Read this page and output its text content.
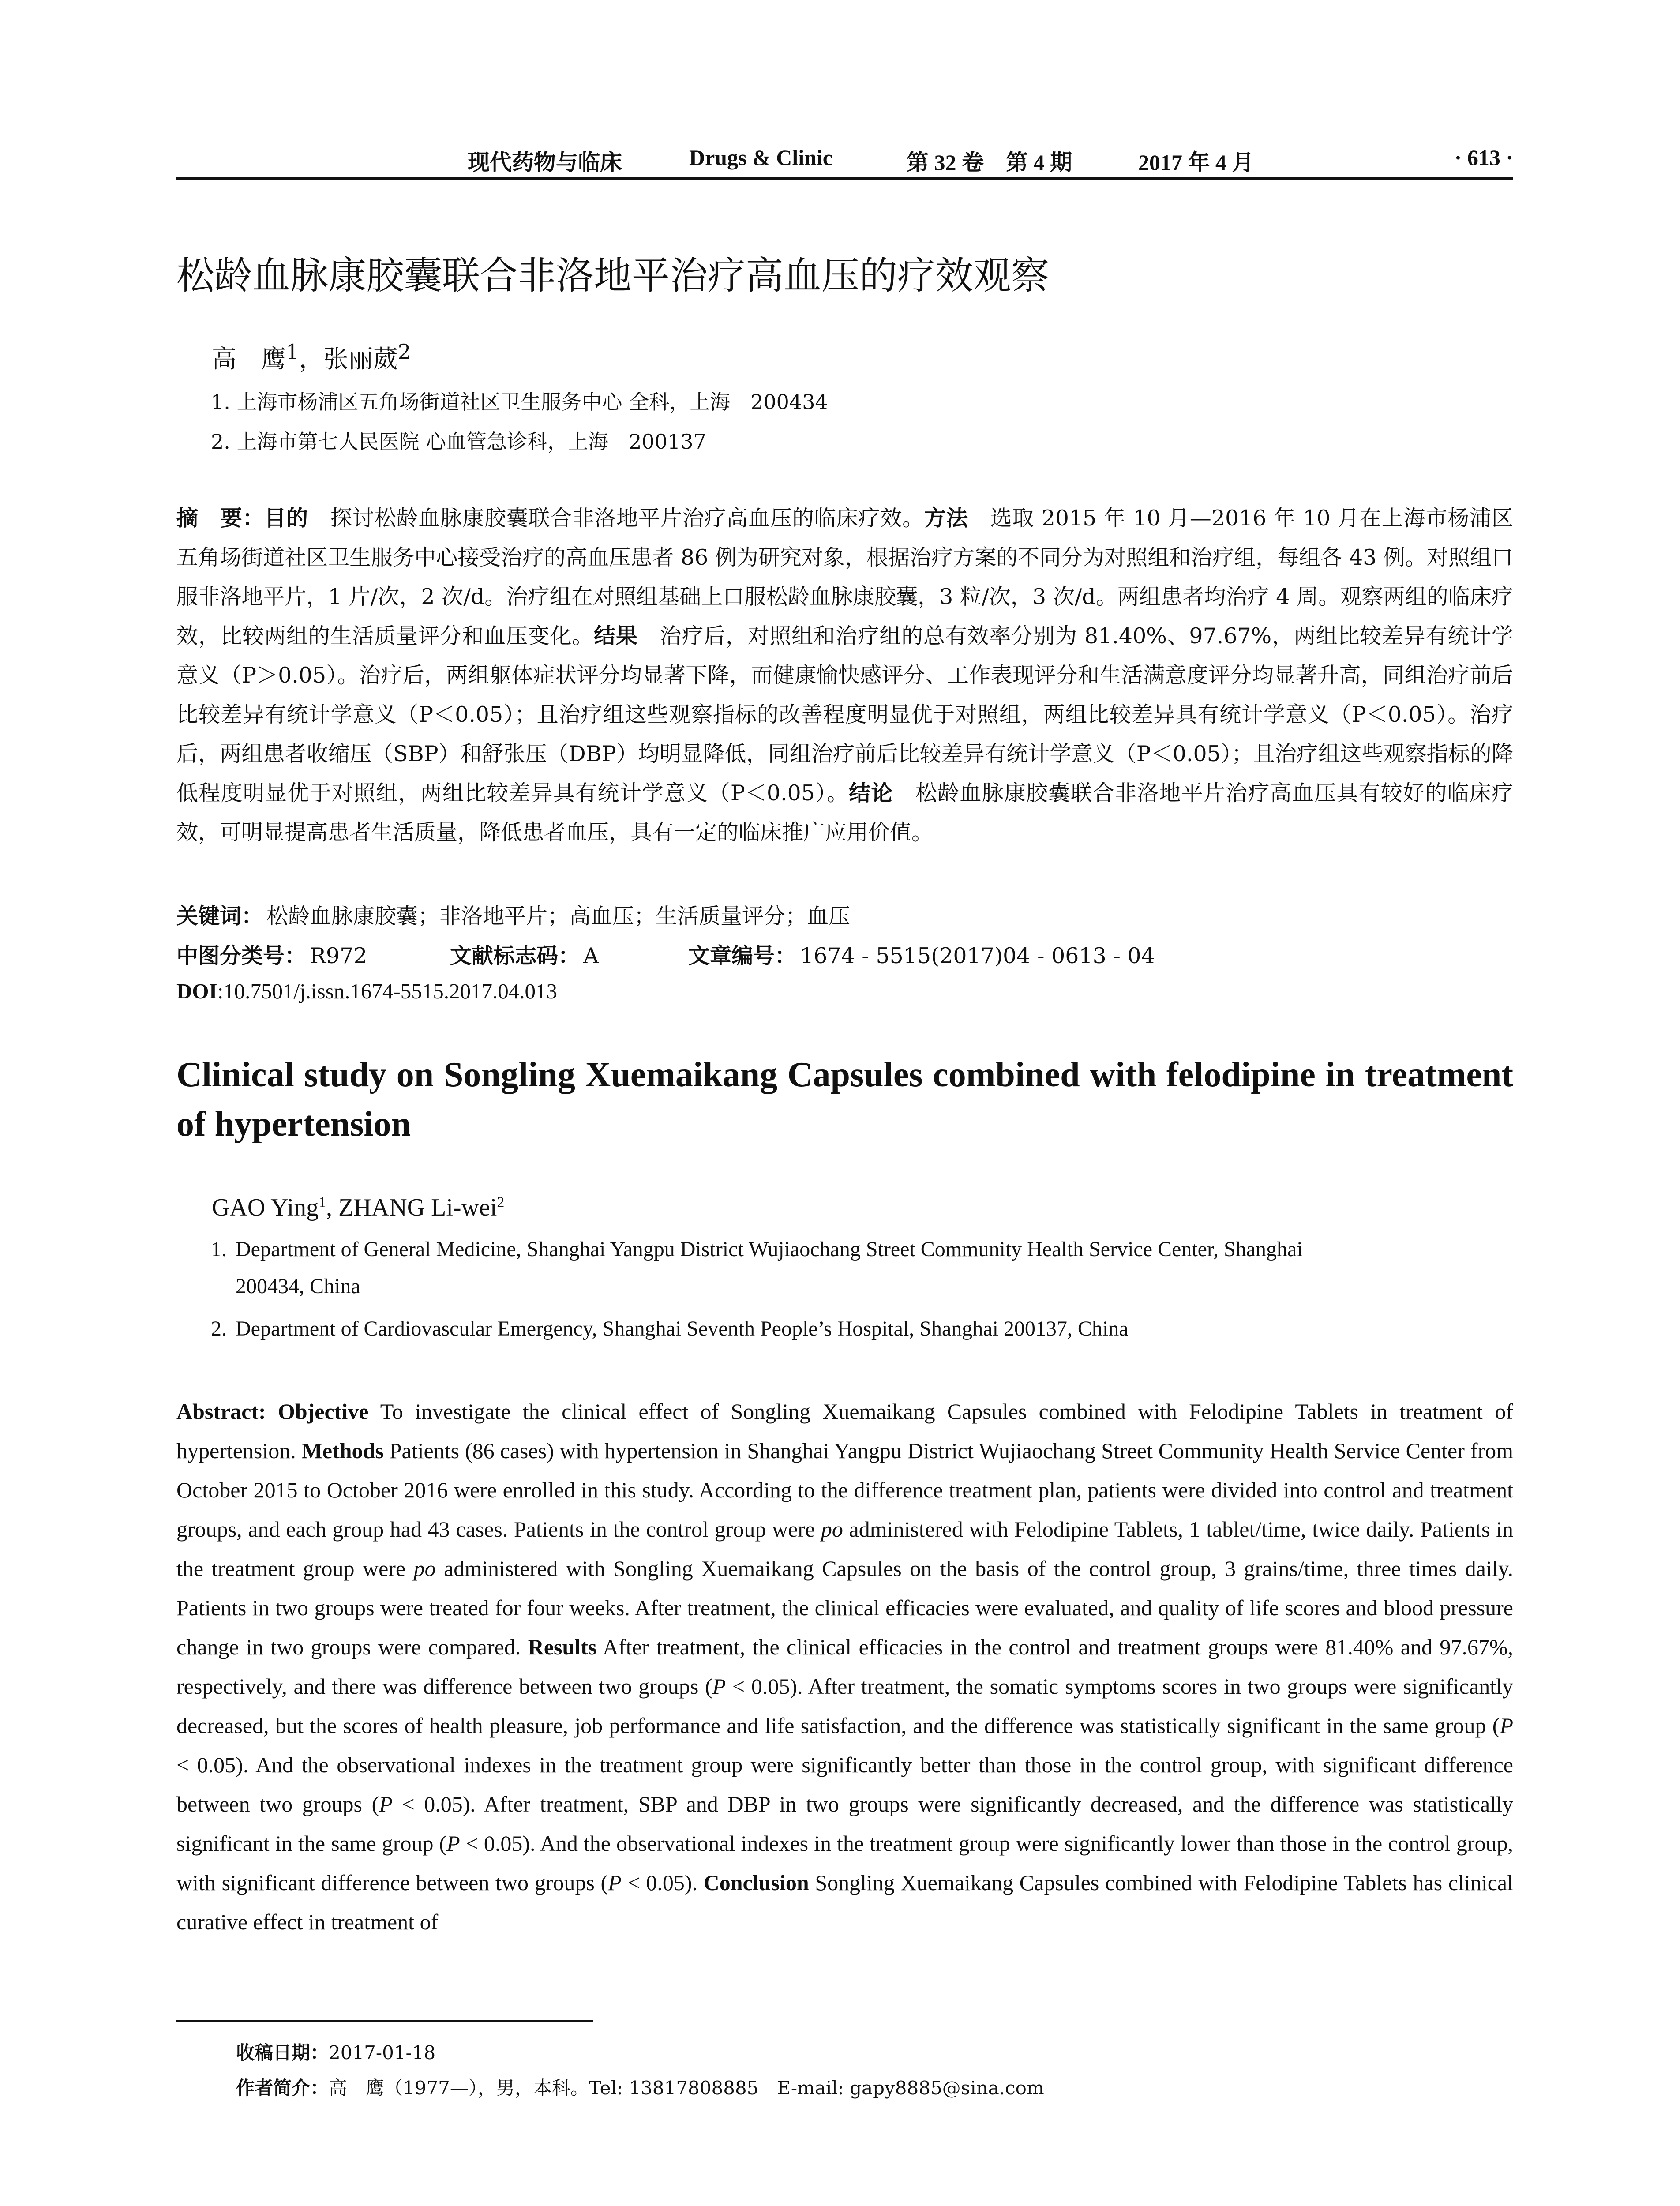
现代药物与临床	Drugs & Clinic	第 32 卷　第 4 期	2017 年 4 月	· 613 ·
松龄血脉康胶囊联合非洛地平治疗高血压的疗效观察
高　鹰$^1$，张丽葳$^2$
1. 上海市杨浦区五角场街道社区卫生服务中心 全科，上海　200434
2. 上海市第七人民医院 心血管急诊科，上海　200137
摘　要：目的　探讨松龄血脉康胶囊联合非洛地平片治疗高血压的临床疗效。方法　选取 2015 年 10 月—2016 年 10 月在上海市杨浦区五角场街道社区卫生服务中心接受治疗的高血压患者 86 例为研究对象，根据治疗方案的不同分为对照组和治疗组，每组各 43 例。对照组口服非洛地平片，1 片/次，2 次/d。治疗组在对照组基础上口服松龄血脉康胶囊，3 粒/次，3 次/d。两组患者均治疗 4 周。观察两组的临床疗效，比较两组的生活质量评分和血压变化。结果　治疗后，对照组和治疗组的总有效率分别为 81.40%、97.67%，两组比较差异有统计学意义（P＞0.05）。治疗后，两组躯体症状评分均显著下降，而健康愉快感评分、工作表现评分和生活满意度评分均显著升高，同组治疗前后比较差异有统计学意义（P＜0.05）；且治疗组这些观察指标的改善程度明显优于对照组，两组比较差异具有统计学意义（P＜0.05）。治疗后，两组患者收缩压（SBP）和舒张压（DBP）均明显降低，同组治疗前后比较差异有统计学意义（P＜0.05）；且治疗组这些观察指标的降低程度明显优于对照组，两组比较差异具有统计学意义（P＜0.05）。结论　松龄血脉康胶囊联合非洛地平片治疗高血压具有较好的临床疗效，可明显提高患者生活质量，降低患者血压，具有一定的临床推广应用价值。
关键词： 松龄血脉康胶囊；非洛地平片；高血压；生活质量评分；血压
中图分类号： R972	文献标志码： A	文章编号： 1674 - 5515(2017)04 - 0613 - 04
DOI:10.7501/j.issn.1674-5515.2017.04.013
Clinical study on Songling Xuemaikang Capsules combined with felodipine in treatment of hypertension
GAO Ying$^1$, ZHANG Li-wei$^2$
1. Department of General Medicine, Shanghai Yangpu District Wujiaochang Street Community Health Service Center, Shanghai
200434, China
2. Department of Cardiovascular Emergency, Shanghai Seventh People’s Hospital, Shanghai 200137, China
Abstract: Objective To investigate the clinical effect of Songling Xuemaikang Capsules combined with Felodipine Tablets in treatment of hypertension. Methods Patients (86 cases) with hypertension in Shanghai Yangpu District Wujiaochang Street Community Health Service Center from October 2015 to October 2016 were enrolled in this study. According to the difference treatment plan, patients were divided into control and treatment groups, and each group had 43 cases. Patients in the control group were po administered with Felodipine Tablets, 1 tablet/time, twice daily. Patients in the treatment group were po administered with Songling Xuemaikang Capsules on the basis of the control group, 3 grains/time, three times daily. Patients in two groups were treated for four weeks. After treatment, the clinical efficacies were evaluated, and quality of life scores and blood pressure change in two groups were compared. Results After treatment, the clinical efficacies in the control and treatment groups were 81.40% and 97.67%, respectively, and there was difference between two groups (P < 0.05). After treatment, the somatic symptoms scores in two groups were significantly decreased, but the scores of health pleasure, job performance and life satisfaction, and the difference was statistically significant in the same group (P < 0.05). And the observational indexes in the treatment group were significantly better than those in the control group, with significant difference between two groups (P < 0.05). After treatment, SBP and DBP in two groups were significantly decreased, and the difference was statistically significant in the same group (P < 0.05). And the observational indexes in the treatment group were significantly lower than those in the control group, with significant difference between two groups (P < 0.05). Conclusion Songling Xuemaikang Capsules combined with Felodipine Tablets has clinical curative effect in treatment of
收稿日期：2017-01-18
作者简介：高　鹰（1977—），男，本科。Tel: 13817808885　E-mail: gapy8885@sina.com
